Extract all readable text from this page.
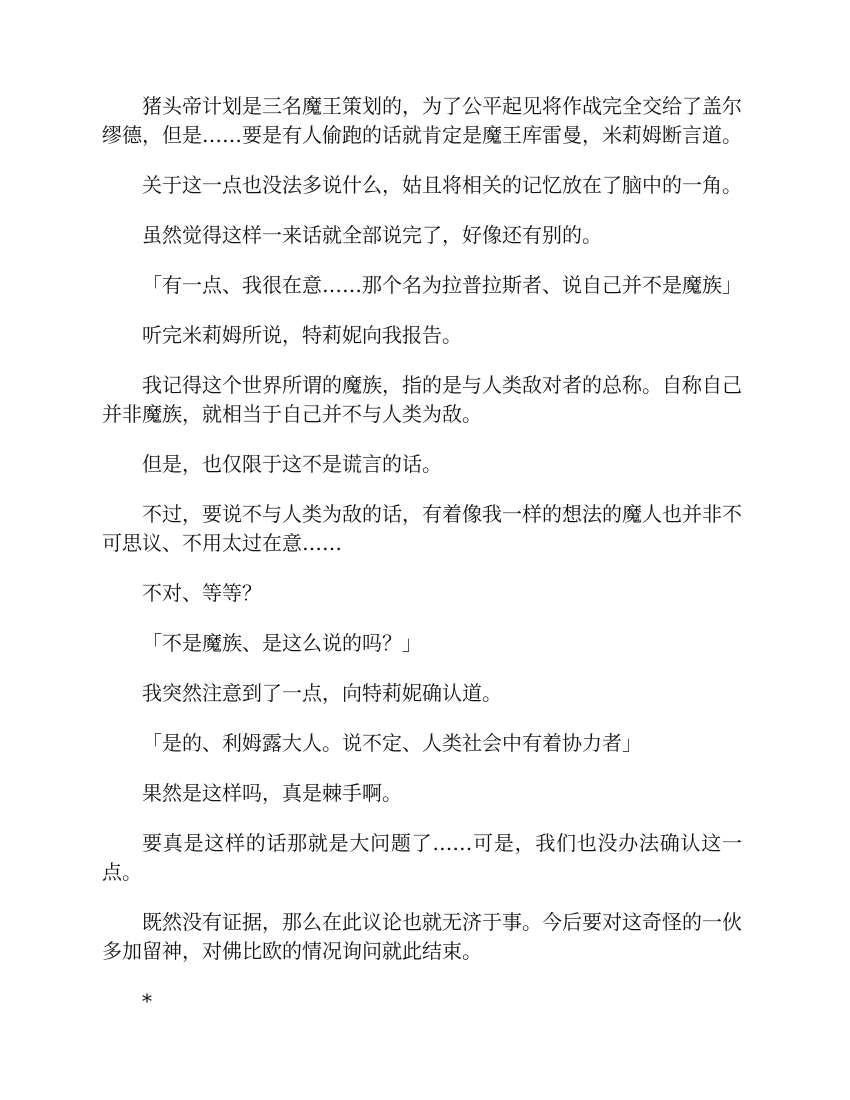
猪头帝计划是三名魔王策划的，为了公平起见将作战完全交给了盖尔缪德，但是……要是有人偷跑的话就肯定是魔王库雷曼，米莉姆断言道。

关于这一点也没法多说什么，姑且将相关的记忆放在了脑中的一角。

虽然觉得这样一来话就全部说完了，好像还有别的。

「有一点、我很在意……那个名为拉普拉斯者、说自己并不是魔族」

听完米莉姆所说，特莉妮向我报告。

我记得这个世界所谓的魔族，指的是与人类敌对者的总称。自称自己并非魔族，就相当于自己并不与人类为敌。

但是，也仅限于这不是谎言的话。

不过，要说不与人类为敌的话，有着像我一样的想法的魔人也并非不可思议、不用太过在意……

不对、等等？

「不是魔族、是这么说的吗？」

我突然注意到了一点，向特莉妮确认道。

「是的、利姆露大人。说不定、人类社会中有着协力者」

果然是这样吗，真是棘手啊。

要真是这样的话那就是大问题了……可是，我们也没办法确认这一点。

既然没有证据，那么在此议论也就无济于事。今后要对这奇怪的一伙多加留神，对佛比欧的情况询问就此结束。

*
